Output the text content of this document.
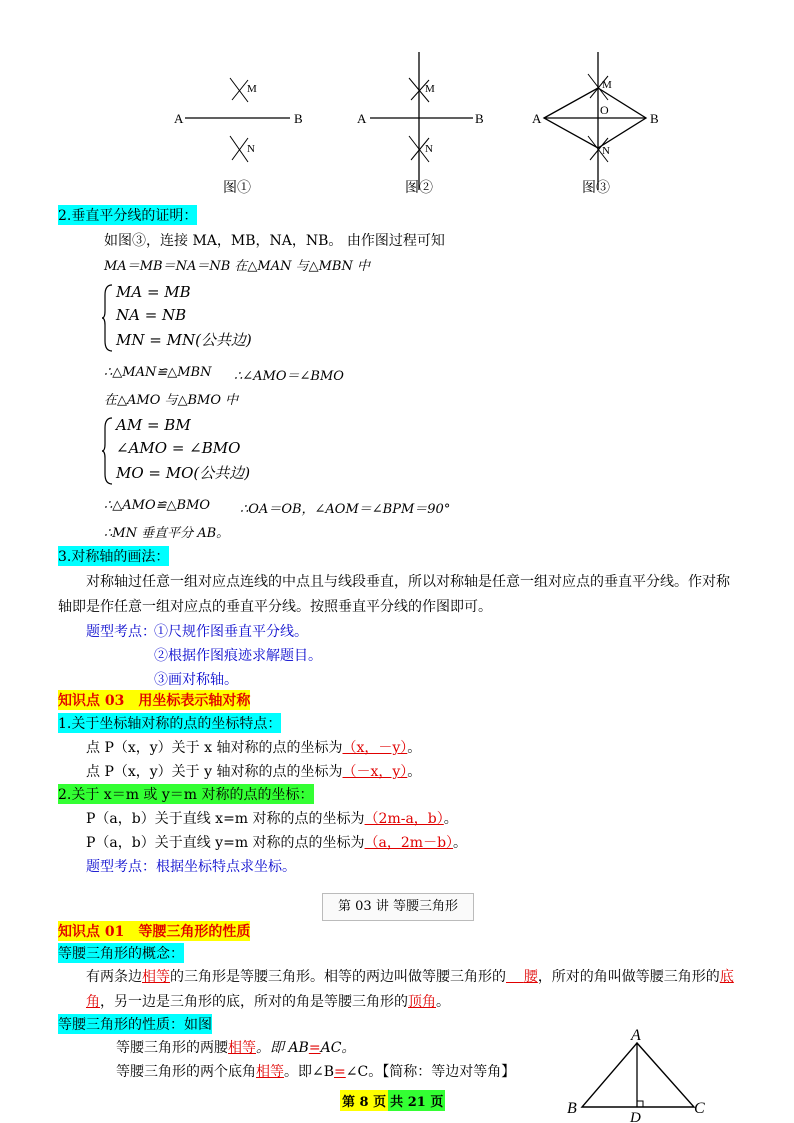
A	B
M
N
图①
A	B
M
N
图②
A	B
M
N
O
图③
2.垂直平分线的证明：
如图③，连接 MA，MB，NA，NB。 由作图过程可知
MA＝MB＝NA＝NB 在△MAN 与△MBN 中
MA = MB
NA = NB
MN = MN(公共边)
∴△MAN≌△MBN ∴∠AMO＝∠BMO
在△AMO 与△BMO 中
AM = BM
∠AMO = ∠BMO
MO = MO(公共边)
∴△AMO≌△BMO ∴OA＝OB，∠AOM＝∠BPM＝90°
∴MN 垂直平分 AB。
3.对称轴的画法：
对称轴过任意一组对应点连线的中点且与线段垂直，所以对称轴是任意一组对应点的垂直平分线。作对称
轴即是作任意一组对应点的垂直平分线。按照垂直平分线的作图即可。
题型考点：
①尺规作图垂直平分线。
②根据作图痕迹求解题目。
③画对称轴。
知识点 03　用坐标表示轴对称
1.关于坐标轴对称的点的坐标特点：
点 P（x，y）关于 x 轴对称的点的坐标为（x，－y）。
点 P（x，y）关于 y 轴对称的点的坐标为（－x，y）。
2.关于 x＝m 或 y＝m 对称的点的坐标：
P（a，b）关于直线 x=m 对称的点的坐标为（2m-a，b）。
P（a，b）关于直线 y=m 对称的点的坐标为（a，2m－b）。
题型考点：根据坐标特点求坐标。
第 03 讲 等腰三角形
知识点 01　等腰三角形的性质
等腰三角形的概念：
有两条边相等的三角形是等腰三角形。相等的两边叫做等腰三角形的 腰，所对的角叫做等腰三角形的底
角，另一边是三角形的底，所对的角是等腰三角形的顶角。
等腰三角形的性质：如图
等腰三角形的两腰相等。即 AB=AC。
等腰三角形的两个底角相等。即∠B=∠C。【简称：等边对等角】
A
B	C
D
第 8 页 共 21 页
